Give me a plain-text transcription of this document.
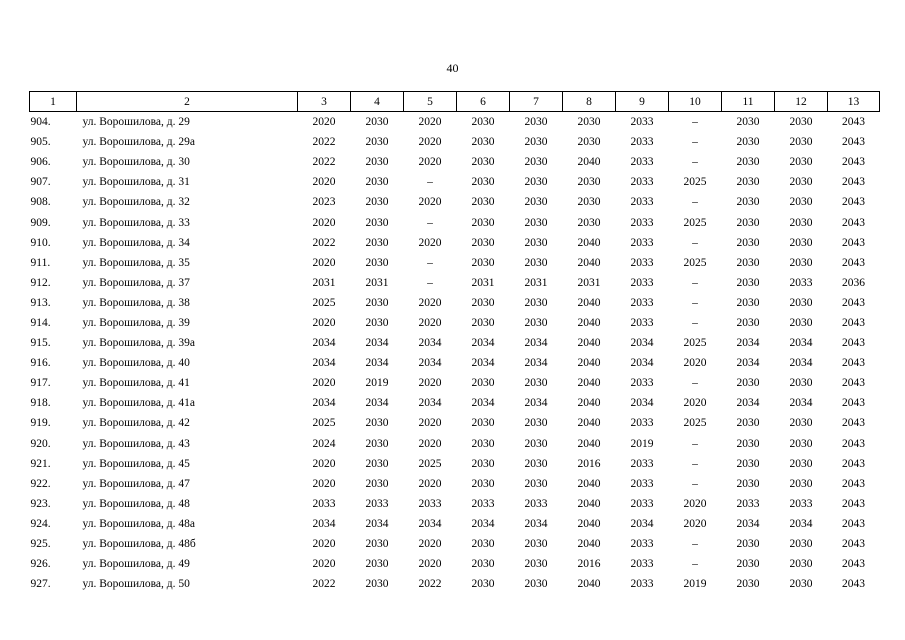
40
1	2	3	4	5	6	7	8	9	10	11	12	13
904.	ул. Ворошилова, д. 29	2020	2030	2020	2030	2030	2030	2033	–	2030	2030	2043
905.	ул. Ворошилова, д. 29а	2022	2030	2020	2030	2030	2030	2033	–	2030	2030	2043
906.	ул. Ворошилова, д. 30	2022	2030	2020	2030	2030	2040	2033	–	2030	2030	2043
907.	ул. Ворошилова, д. 31	2020	2030	–	2030	2030	2030	2033	2025	2030	2030	2043
908.	ул. Ворошилова, д. 32	2023	2030	2020	2030	2030	2030	2033	–	2030	2030	2043
909.	ул. Ворошилова, д. 33	2020	2030	–	2030	2030	2030	2033	2025	2030	2030	2043
910.	ул. Ворошилова, д. 34	2022	2030	2020	2030	2030	2040	2033	–	2030	2030	2043
911.	ул. Ворошилова, д. 35	2020	2030	–	2030	2030	2040	2033	2025	2030	2030	2043
912.	ул. Ворошилова, д. 37	2031	2031	–	2031	2031	2031	2033	–	2030	2033	2036
913.	ул. Ворошилова, д. 38	2025	2030	2020	2030	2030	2040	2033	–	2030	2030	2043
914.	ул. Ворошилова, д. 39	2020	2030	2020	2030	2030	2040	2033	–	2030	2030	2043
915.	ул. Ворошилова, д. 39а	2034	2034	2034	2034	2034	2040	2034	2025	2034	2034	2043
916.	ул. Ворошилова, д. 40	2034	2034	2034	2034	2034	2040	2034	2020	2034	2034	2043
917.	ул. Ворошилова, д. 41	2020	2019	2020	2030	2030	2040	2033	–	2030	2030	2043
918.	ул. Ворошилова, д. 41а	2034	2034	2034	2034	2034	2040	2034	2020	2034	2034	2043
919.	ул. Ворошилова, д. 42	2025	2030	2020	2030	2030	2040	2033	2025	2030	2030	2043
920.	ул. Ворошилова, д. 43	2024	2030	2020	2030	2030	2040	2019	–	2030	2030	2043
921.	ул. Ворошилова, д. 45	2020	2030	2025	2030	2030	2016	2033	–	2030	2030	2043
922.	ул. Ворошилова, д. 47	2020	2030	2020	2030	2030	2040	2033	–	2030	2030	2043
923.	ул. Ворошилова, д. 48	2033	2033	2033	2033	2033	2040	2033	2020	2033	2033	2043
924.	ул. Ворошилова, д. 48а	2034	2034	2034	2034	2034	2040	2034	2020	2034	2034	2043
925.	ул. Ворошилова, д. 48б	2020	2030	2020	2030	2030	2040	2033	–	2030	2030	2043
926.	ул. Ворошилова, д. 49	2020	2030	2020	2030	2030	2016	2033	–	2030	2030	2043
927.	ул. Ворошилова, д. 50	2022	2030	2022	2030	2030	2040	2033	2019	2030	2030	2043
